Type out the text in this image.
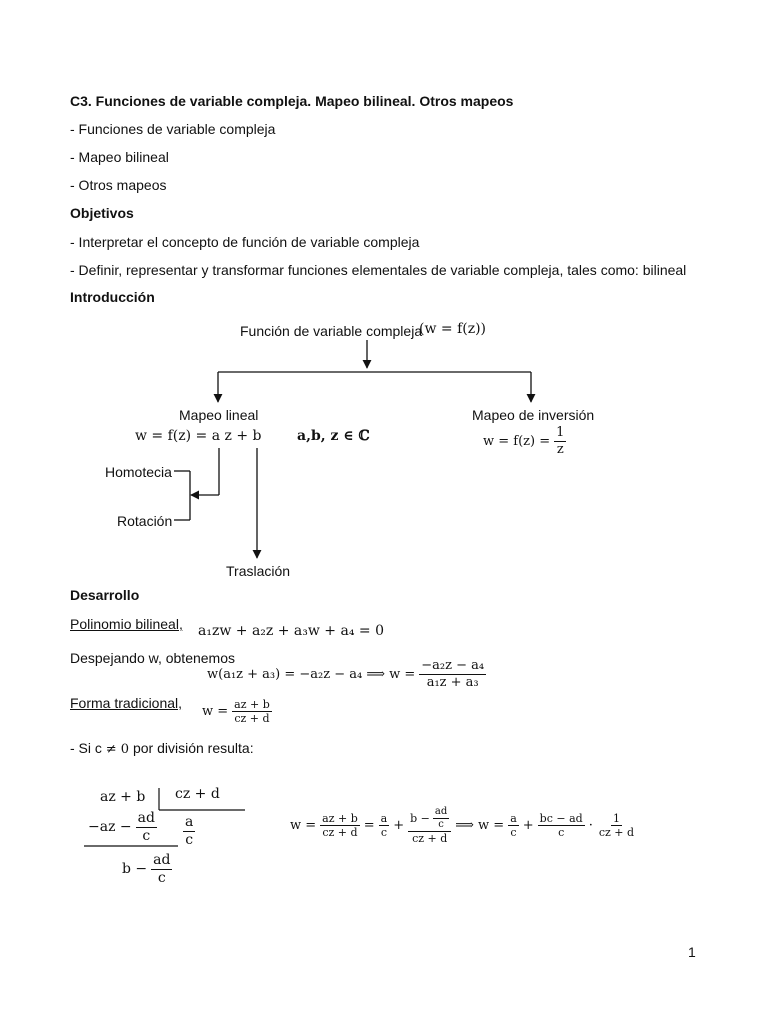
C3. Funciones de variable compleja. Mapeo bilineal. Otros mapeos
- Funciones de variable compleja
- Mapeo bilineal
- Otros mapeos
Objetivos
- Interpretar el concepto de función de variable compleja
- Definir, representar y transformar funciones elementales de variable compleja, tales como: bilineal
Introducción
Función de variable compleja
(w = f(z))
Mapeo lineal
w = f(z) = a z + b	a,b, z ∈ ℂ
Mapeo de inversión
$w = f(z) = \frac{1}{z}$
Homotecia
Rotación
Traslación
Desarrollo
Polinomio bilineal, a₁zw + a₂z + a₃w + a₄ = 0
Despejando w, obtenemos
w(a₁z + a₃) = −a₂z − a₄ ⟹ $w = \frac{\text{−a₂z − a₄}}{\text{a₁z + a₃}}$
Forma tradicional,
$w = \frac{az + b}{cz + d}$
- Si c ≠ 0 por división resulta:
az + b cz + d
$-az - \frac{ad}{c} \frac{a}{c}$
$b - \frac{ad}{c}$
$w = \frac{az + b}{cz + d} = \frac{a}{c} + \frac{b - \frac{ad}{c}}{cz + d}$ ⟹ $w = \frac{a}{c} + \frac{bc - ad}{c} \cdot \frac{1}{cz + d}$
1
